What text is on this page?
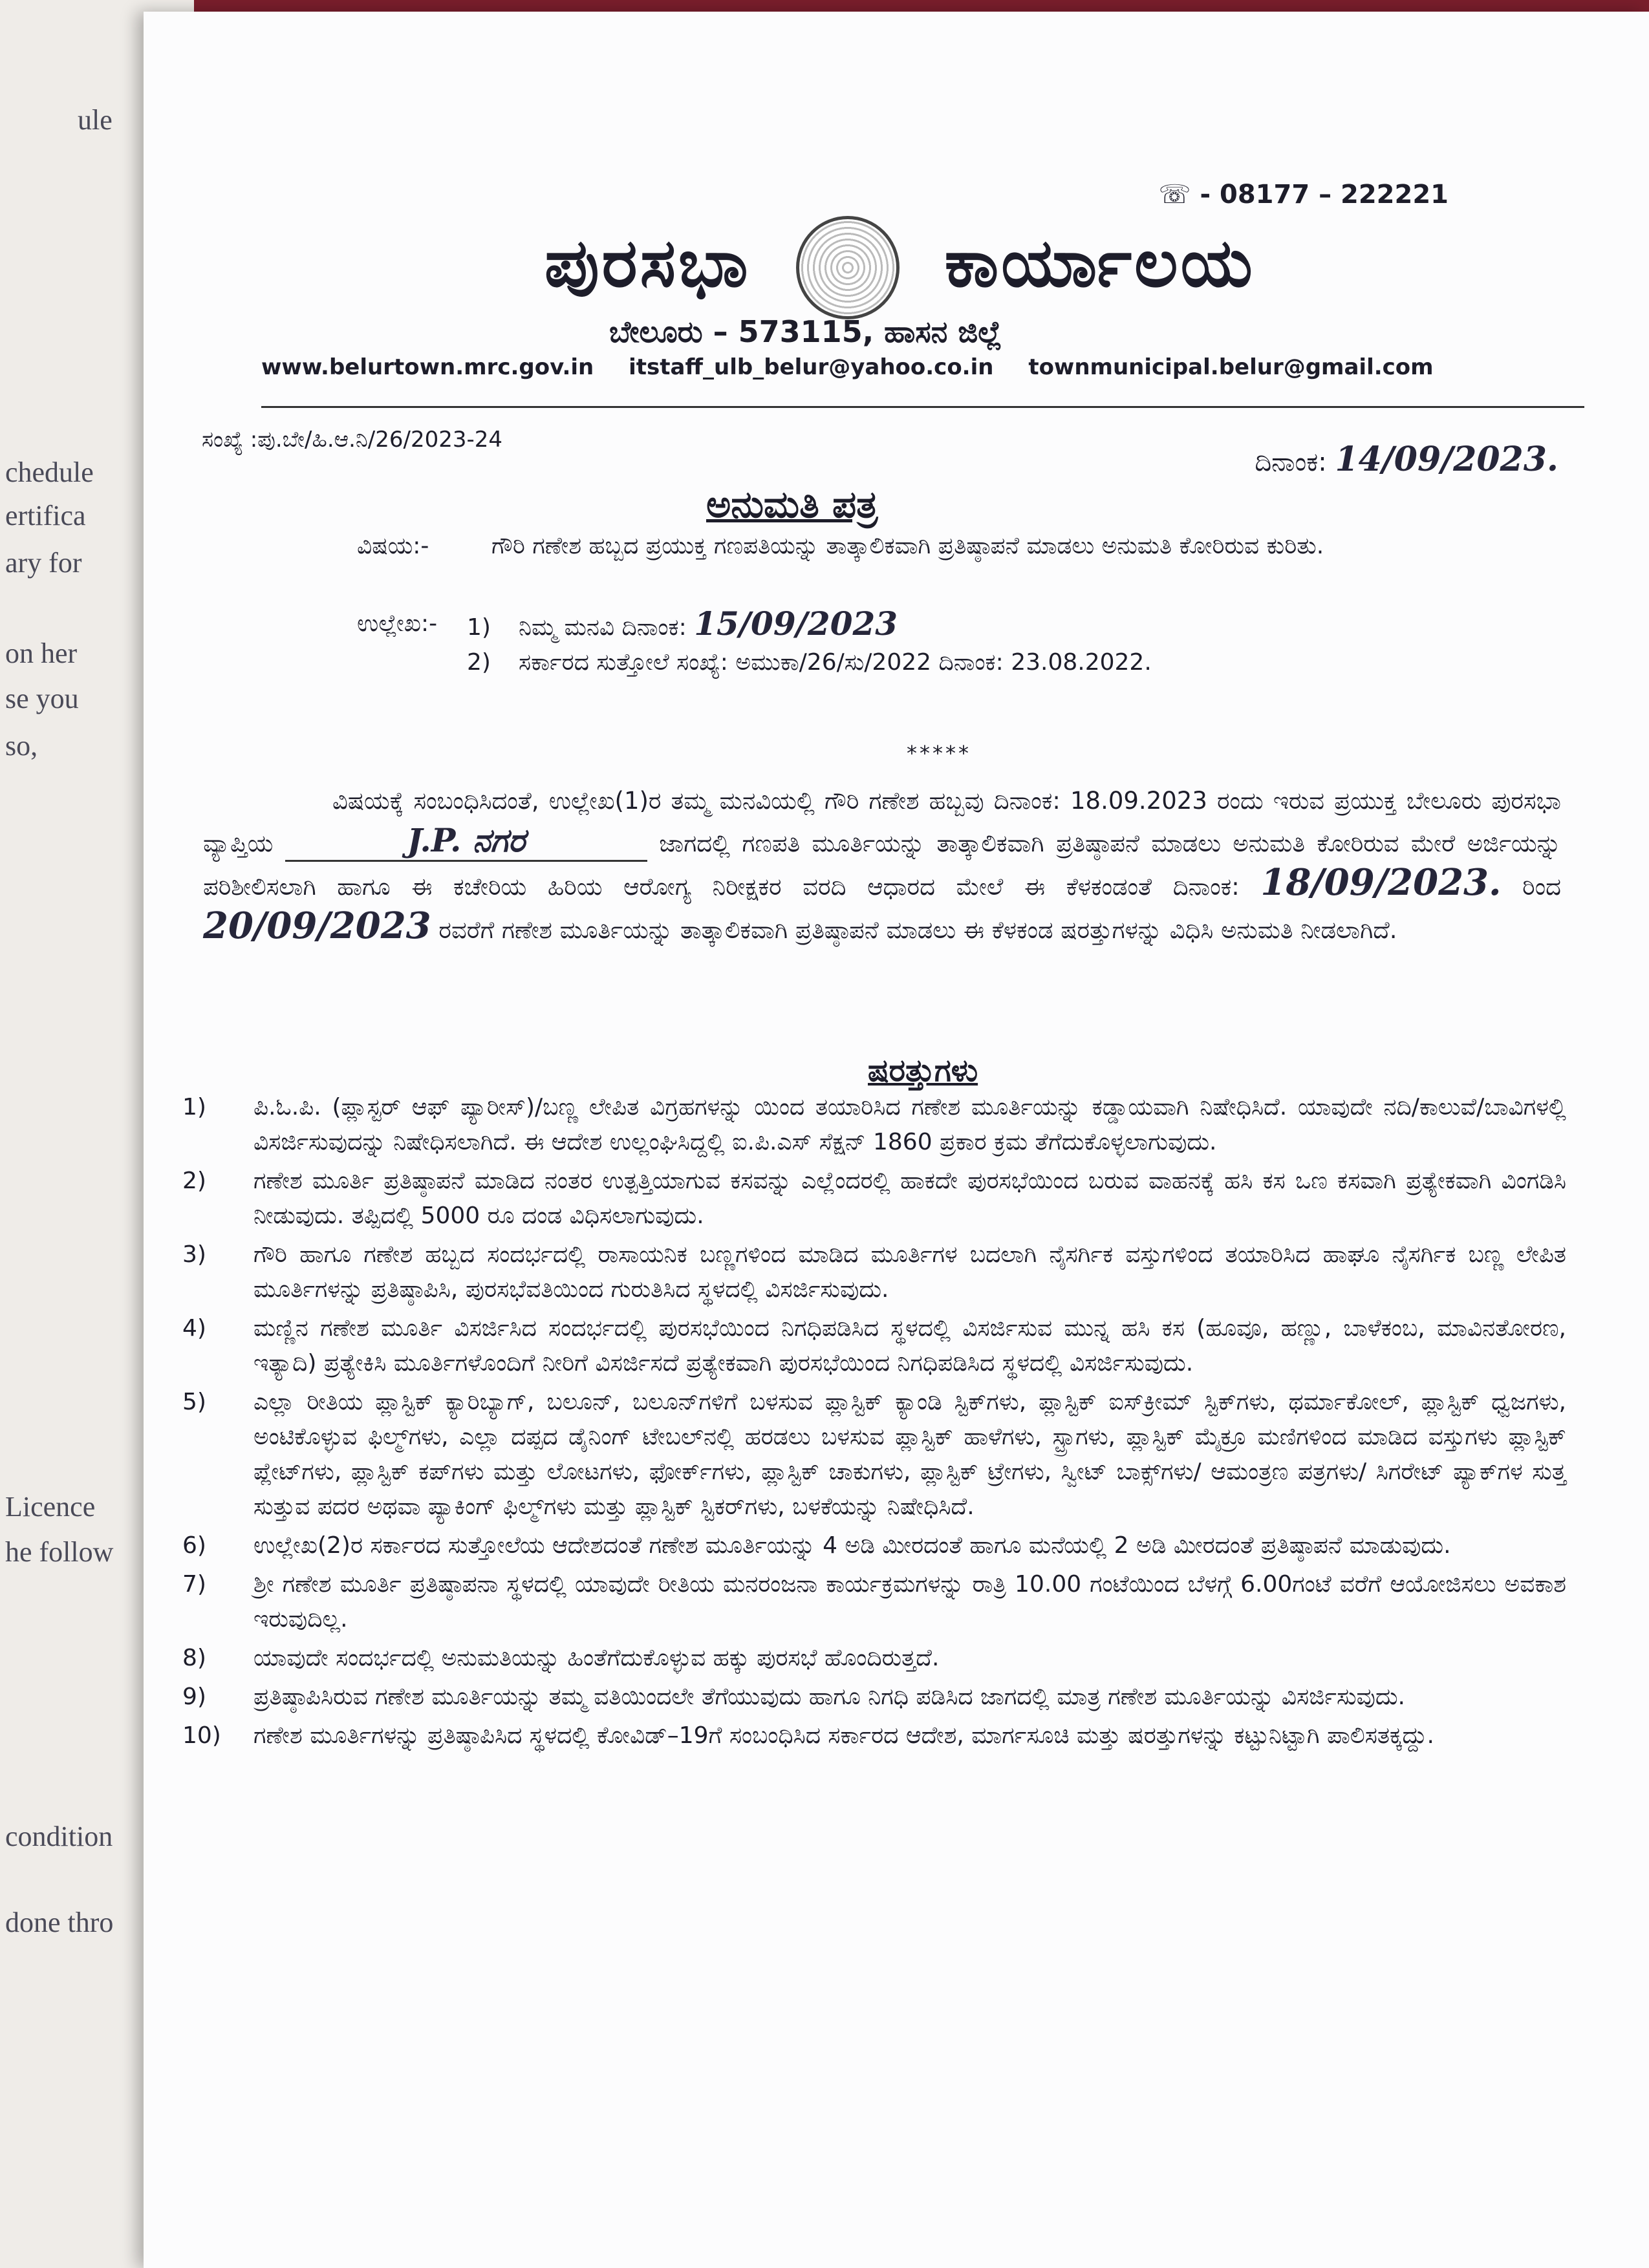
ule
chedule
ertifica
ary for
on her
se you
so,
Licence
he follow
condition
done thro
☏ - 08177 – 222221
ಪುರಸಭಾ	ಕಾರ್ಯಾಲಯ
ಬೇಲೂರು – 573115, ಹಾಸನ ಜಿಲ್ಲೆ
www.belurtown.mrc.gov.in itstaff_ulb_belur@yahoo.co.in townmunicipal.belur@gmail.com
ಸಂಖ್ಯೆ :ಪು.ಬೇ/ಹಿ.ಆ.ನಿ/26/2023-24
ದಿನಾಂಕ: 14/09/2023.
ಅನುಮತಿ ಪತ್ರ
ವಿಷಯ:-	ಗೌರಿ ಗಣೇಶ ಹಬ್ಬದ ಪ್ರಯುಕ್ತ ಗಣಪತಿಯನ್ನು ತಾತ್ಕಾಲಿಕವಾಗಿ ಪ್ರತಿಷ್ಠಾಪನೆ ಮಾಡಲು ಅನುಮತಿ ಕೋರಿರುವ ಕುರಿತು.
ಉಲ್ಲೇಖ:- 1) ನಿಮ್ಮ ಮನವಿ ದಿನಾಂಕ: 15/09/2023
2) ಸರ್ಕಾರದ ಸುತ್ತೋಲೆ ಸಂಖ್ಯೆ: ಅಮುಕಾ/26/ಸು/2022 ದಿನಾಂಕ: 23.08.2022.
*****
ವಿಷಯಕ್ಕೆ ಸಂಬಂಧಿಸಿದಂತೆ, ಉಲ್ಲೇಖ(1)ರ ತಮ್ಮ ಮನವಿಯಲ್ಲಿ ಗೌರಿ ಗಣೇಶ ಹಬ್ಬವು ದಿನಾಂಕ: 18.09.2023 ರಂದು ಇರುವ ಪ್ರಯುಕ್ತ ಬೇಲೂರು ಪುರಸಭಾ ವ್ಯಾಪ್ತಿಯ	J.P. ನಗರ	ಜಾಗದಲ್ಲಿ ಗಣಪತಿ ಮೂರ್ತಿಯನ್ನು ತಾತ್ಕಾಲಿಕವಾಗಿ ಪ್ರತಿಷ್ಠಾಪನೆ ಮಾಡಲು ಅನುಮತಿ ಕೋರಿರುವ ಮೇರೆ ಅರ್ಜಿಯನ್ನು ಪರಿಶೀಲಿಸಲಾಗಿ ಹಾಗೂ ಈ ಕಚೇರಿಯ ಹಿರಿಯ ಆರೋಗ್ಯ ನಿರೀಕ್ಷಕರ ವರದಿ ಆಧಾರದ ಮೇಲೆ ಈ ಕೆಳಕಂಡಂತೆ ದಿನಾಂಕ: 18/09/2023. ರಿಂದ 20/09/2023 ರವರೆಗೆ ಗಣೇಶ ಮೂರ್ತಿಯನ್ನು ತಾತ್ಕಾಲಿಕವಾಗಿ ಪ್ರತಿಷ್ಠಾಪನೆ ಮಾಡಲು ಈ ಕೆಳಕಂಡ ಷರತ್ತುಗಳನ್ನು ವಿಧಿಸಿ ಅನುಮತಿ ನೀಡಲಾಗಿದೆ.
ಷರತ್ತುಗಳು
1) ಪಿ.ಓ.ಪಿ. (ಪ್ಲಾಸ್ಟರ್ ಆಫ್ ಪ್ಯಾರೀಸ್)/ಬಣ್ಣ ಲೇಪಿತ ವಿಗ್ರಹಗಳನ್ನು ಯಿಂದ ತಯಾರಿಸಿದ ಗಣೇಶ ಮೂರ್ತಿಯನ್ನು ಕಡ್ಡಾಯವಾಗಿ ನಿಷೇಧಿಸಿದೆ. ಯಾವುದೇ ನದಿ/ಕಾಲುವೆ/ಬಾವಿಗಳಲ್ಲಿ ವಿಸರ್ಜಿಸುವುದನ್ನು ನಿಷೇಧಿಸಲಾಗಿದೆ. ಈ ಆದೇಶ ಉಲ್ಲಂಘಿಸಿದ್ದಲ್ಲಿ ಐ.ಪಿ.ಎಸ್ ಸೆಕ್ಷನ್ 1860 ಪ್ರಕಾರ ಕ್ರಮ ತೆಗೆದುಕೊಳ್ಳಲಾಗುವುದು.
2) ಗಣೇಶ ಮೂರ್ತಿ ಪ್ರತಿಷ್ಠಾಪನೆ ಮಾಡಿದ ನಂತರ ಉತ್ಪತ್ತಿಯಾಗುವ ಕಸವನ್ನು ಎಲ್ಲೆಂದರಲ್ಲಿ ಹಾಕದೇ ಪುರಸಭೆಯಿಂದ ಬರುವ ವಾಹನಕ್ಕೆ ಹಸಿ ಕಸ ಒಣ ಕಸವಾಗಿ ಪ್ರತ್ಯೇಕವಾಗಿ ವಿಂಗಡಿಸಿ ನೀಡುವುದು. ತಪ್ಪಿದಲ್ಲಿ 5000 ರೂ ದಂಡ ವಿಧಿಸಲಾಗುವುದು.
3) ಗೌರಿ ಹಾಗೂ ಗಣೇಶ ಹಬ್ಬದ ಸಂದರ್ಭದಲ್ಲಿ ರಾಸಾಯನಿಕ ಬಣ್ಣಗಳಿಂದ ಮಾಡಿದ ಮೂರ್ತಿಗಳ ಬದಲಾಗಿ ನೈಸರ್ಗಿಕ ವಸ್ತುಗಳಿಂದ ತಯಾರಿಸಿದ ಹಾಘೂ ನೈಸರ್ಗಿಕ ಬಣ್ಣ ಲೇಪಿತ ಮೂರ್ತಿಗಳನ್ನು ಪ್ರತಿಷ್ಠಾಪಿಸಿ, ಪುರಸಭೆವತಿಯಿಂದ ಗುರುತಿಸಿದ ಸ್ಥಳದಲ್ಲಿ ವಿಸರ್ಜಿಸುವುದು.
4) ಮಣ್ಣಿನ ಗಣೇಶ ಮೂರ್ತಿ ವಿಸರ್ಜಿಸಿದ ಸಂದರ್ಭದಲ್ಲಿ ಪುರಸಭೆಯಿಂದ ನಿಗಧಿಪಡಿಸಿದ ಸ್ಥಳದಲ್ಲಿ ವಿಸರ್ಜಿಸುವ ಮುನ್ನ ಹಸಿ ಕಸ (ಹೂವೂ, ಹಣ್ಣು, ಬಾಳೆಕಂಬ, ಮಾವಿನತೋರಣ, ಇತ್ಯಾದಿ) ಪ್ರತ್ಯೇಕಿಸಿ ಮೂರ್ತಿಗಳೊಂದಿಗೆ ನೀರಿಗೆ ವಿಸರ್ಜಿಸದೆ ಪ್ರತ್ಯೇಕವಾಗಿ ಪುರಸಭೆಯಿಂದ ನಿಗಧಿಪಡಿಸಿದ ಸ್ಥಳದಲ್ಲಿ ವಿಸರ್ಜಿಸುವುದು.
5) ಎಲ್ಲಾ ರೀತಿಯ ಪ್ಲಾಸ್ಟಿಕ್ ಕ್ಯಾರಿಬ್ಯಾಗ್, ಬಲೂನ್, ಬಲೂನ್‌ಗಳಿಗೆ ಬಳಸುವ ಪ್ಲಾಸ್ಟಿಕ್ ಕ್ಯಾಂಡಿ ಸ್ಟಿಕ್‌ಗಳು, ಪ್ಲಾಸ್ಟಿಕ್ ಐಸ್‌ಕ್ರೀಮ್ ಸ್ಟಿಕ್‌ಗಳು, ಥರ್ಮಾಕೋಲ್, ಪ್ಲಾಸ್ಟಿಕ್ ಧ್ವಜಗಳು, ಅಂಟಿಕೊಳ್ಳುವ ಫಿಲ್ಮ್‌ಗಳು, ಎಲ್ಲಾ ದಪ್ಪದ ಡೈನಿಂಗ್ ಟೇಬಲ್‌ನಲ್ಲಿ ಹರಡಲು ಬಳಸುವ ಪ್ಲಾಸ್ಟಿಕ್ ಹಾಳೆಗಳು, ಸ್ಟ್ರಾಗಳು, ಪ್ಲಾಸ್ಟಿಕ್ ಮೈಕ್ರೂ ಮಣಿಗಳಿಂದ ಮಾಡಿದ ವಸ್ತುಗಳು ಪ್ಲಾಸ್ಟಿಕ್ ಪ್ಲೇಟ್‌ಗಳು, ಪ್ಲಾಸ್ಟಿಕ್ ಕಪ್‌ಗಳು ಮತ್ತು ಲೋಟಗಳು, ಫೋರ್ಕ್‌ಗಳು, ಪ್ಲಾಸ್ಟಿಕ್ ಚಾಕುಗಳು, ಪ್ಲಾಸ್ಟಿಕ್ ಟ್ರೇಗಳು, ಸ್ವೀಟ್ ಬಾಕ್ಸ್‌ಗಳು/ ಆಮಂತ್ರಣ ಪತ್ರಗಳು/ ಸಿಗರೇಟ್ ಪ್ಯಾಕ್‌ಗಳ ಸುತ್ತ ಸುತ್ತುವ ಪದರ ಅಥವಾ ಪ್ಯಾಕಿಂಗ್ ಫಿಲ್ಮ್‌ಗಳು ಮತ್ತು ಪ್ಲಾಸ್ಟಿಕ್ ಸ್ಟಿಕರ್‌ಗಳು, ಬಳಕೆಯನ್ನು ನಿಷೇಧಿಸಿದೆ.
6) ಉಲ್ಲೇಖ(2)ರ ಸರ್ಕಾರದ ಸುತ್ತೋಲೆಯ ಆದೇಶದಂತೆ ಗಣೇಶ ಮೂರ್ತಿಯನ್ನು 4 ಅಡಿ ಮೀರದಂತೆ ಹಾಗೂ ಮನೆಯಲ್ಲಿ 2 ಅಡಿ ಮೀರದಂತೆ ಪ್ರತಿಷ್ಠಾಪನೆ ಮಾಡುವುದು.
7) ಶ್ರೀ ಗಣೇಶ ಮೂರ್ತಿ ಪ್ರತಿಷ್ಠಾಪನಾ ಸ್ಥಳದಲ್ಲಿ ಯಾವುದೇ ರೀತಿಯ ಮನರಂಜನಾ ಕಾರ್ಯಕ್ರಮಗಳನ್ನು ರಾತ್ರಿ 10.00 ಗಂಟೆಯಿಂದ ಬೆಳಗ್ಗೆ 6.00ಗಂಟೆ ವರೆಗೆ ಆಯೋಜಿಸಲು ಅವಕಾಶ ಇರುವುದಿಲ್ಲ.
8) ಯಾವುದೇ ಸಂದರ್ಭದಲ್ಲಿ ಅನುಮತಿಯನ್ನು ಹಿಂತೆಗೆದುಕೊಳ್ಳುವ ಹಕ್ಕು ಪುರಸಭೆ ಹೊಂದಿರುತ್ತದೆ.
9) ಪ್ರತಿಷ್ಠಾಪಿಸಿರುವ ಗಣೇಶ ಮೂರ್ತಿಯನ್ನು ತಮ್ಮ ವತಿಯಿಂದಲೇ ತೆಗೆಯುವುದು ಹಾಗೂ ನಿಗಧಿ ಪಡಿಸಿದ ಜಾಗದಲ್ಲಿ ಮಾತ್ರ ಗಣೇಶ ಮೂರ್ತಿಯನ್ನು ವಿಸರ್ಜಿಸುವುದು.
10) ಗಣೇಶ ಮೂರ್ತಿಗಳನ್ನು ಪ್ರತಿಷ್ಠಾಪಿಸಿದ ಸ್ಥಳದಲ್ಲಿ ಕೋವಿಡ್–19ಗೆ ಸಂಬಂಧಿಸಿದ ಸರ್ಕಾರದ ಆದೇಶ, ಮಾರ್ಗಸೂಚಿ ಮತ್ತು ಷರತ್ತುಗಳನ್ನು ಕಟ್ಟುನಿಟ್ಟಾಗಿ ಪಾಲಿಸತಕ್ಕದ್ದು.
